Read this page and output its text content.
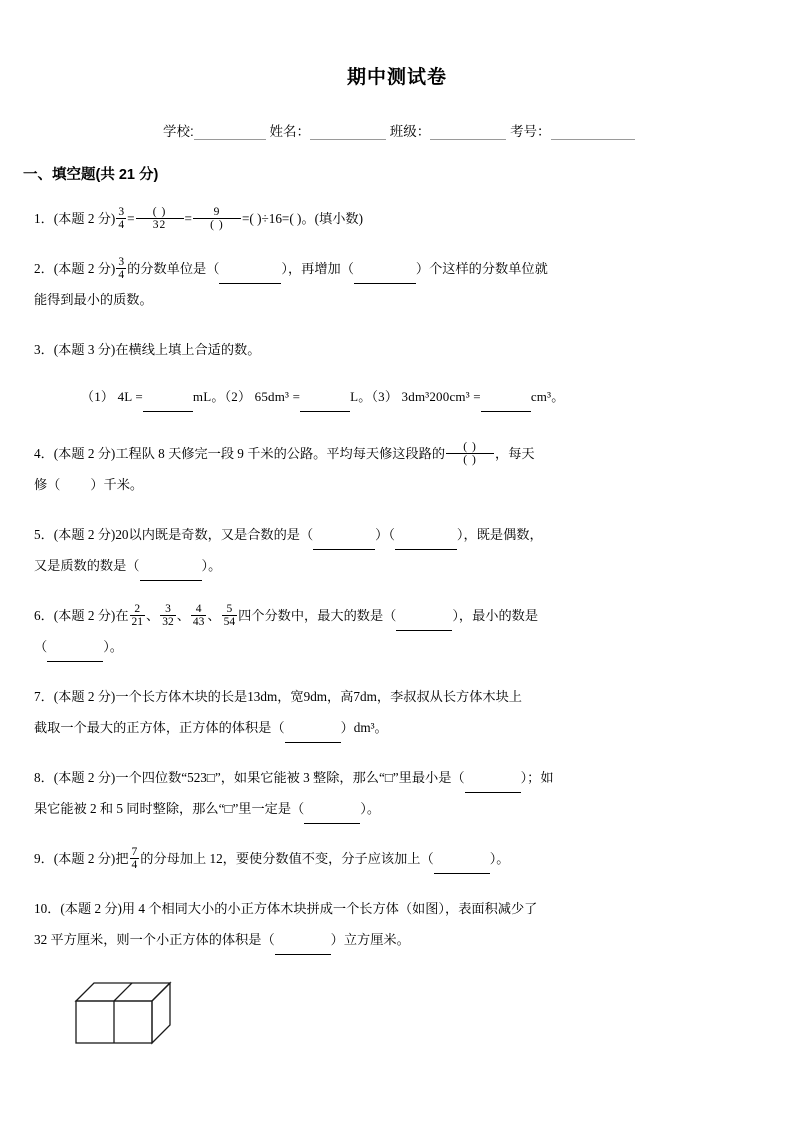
期中测试卷
学校:	姓名：	班级：	考号：
一、填空题(共 21 分)
1．(本题 2 分) $\frac{3}{4} = \frac{( )}{32} = \frac{9}{( )}$ =( )÷16=( )。(填小数)
2．(本题 2 分) $\frac{3}{4}$ 的分数单位是（	），再增加（	）个这样的分数单位就
能得到最小的质数。
3．(本题 3 分)在横线上填上合适的数。
（1） 4L =	mL。（2） 65dm³ =	L。（3） 3dm³200cm³ =	cm³。
4．(本题 2 分)工程队 8 天修完一段 9 千米的公路。平均每天修这段路的 $\frac{( )}{( )}$ ，每天
修（ ）千米。
5．(本题 2 分)20以内既是奇数，又是合数的是（	）（	），既是偶数，
又是质数的数是（	）。
6．(本题 2 分)在 $\frac{2}{21}$ 、 $\frac{3}{32}$ 、 $\frac{4}{43}$ 、 $\frac{5}{54}$ 四个分数中，最大的数是（	），最小的数是
（	）。
7．(本题 2 分)一个长方体木块的长是13dm，宽9dm，高7dm，李叔叔从长方体木块上
截取一个最大的正方体，正方体的体积是（	）dm³。
8．(本题 2 分)一个四位数“523□”，如果它能被 3 整除，那么“□”里最小是（	）；如
果它能被 2 和 5 同时整除，那么“□”里一定是（	）。
9．(本题 2 分)把 $\frac{7}{4}$ 的分母加上 12，要使分数值不变，分子应该加上（	）。
10．(本题 2 分)用 4 个相同大小的小正方体木块拼成一个长方体（如图），表面积减少了
32 平方厘米，则一个小正方体的体积是（	）立方厘米。
